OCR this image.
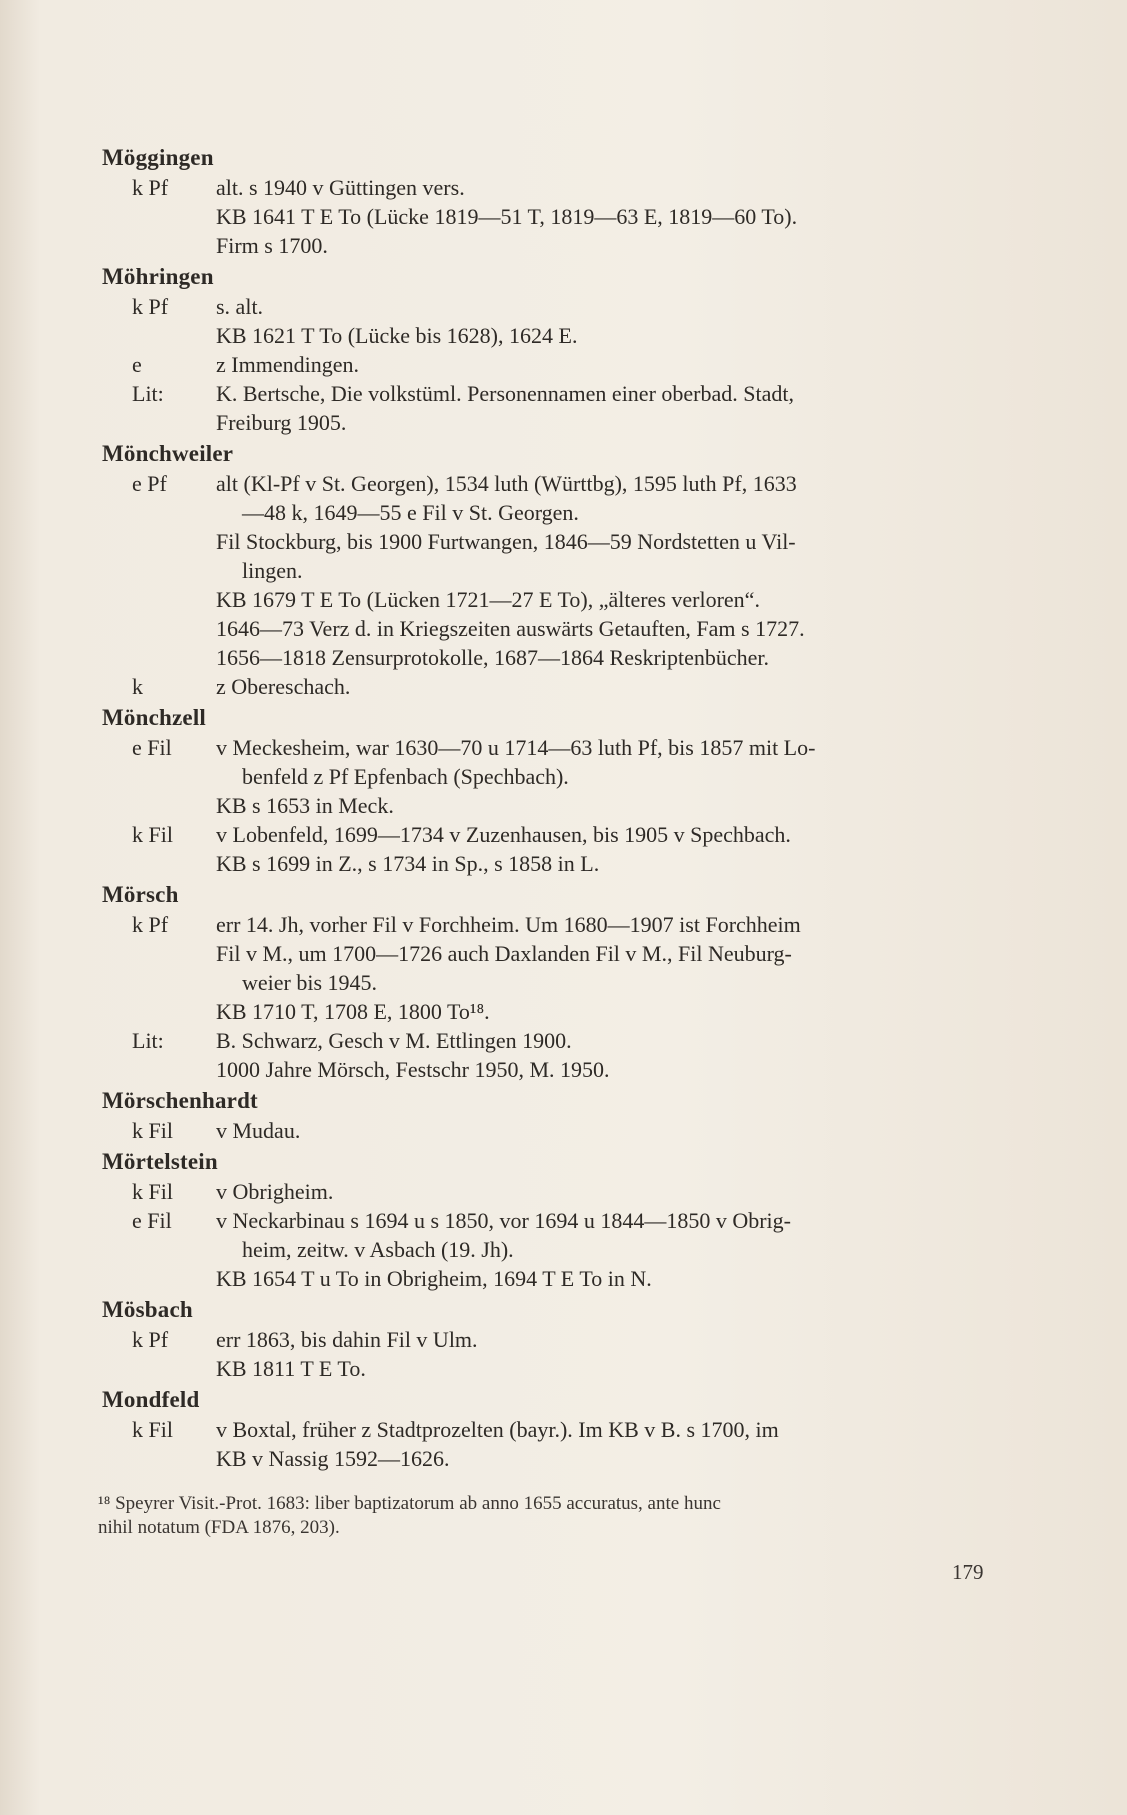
Möggingen
k Pf	alt. s 1940 v Güttingen vers.
KB 1641 T E To (Lücke 1819—51 T, 1819—63 E, 1819—60 To).
Firm s 1700.
Möhringen
k Pf	s. alt.
KB 1621 T To (Lücke bis 1628), 1624 E.
e	z Immendingen.
Lit:	K. Bertsche, Die volkstüml. Personennamen einer oberbad. Stadt,
Freiburg 1905.
Mönchweiler
e Pf	alt (Kl-Pf v St. Georgen), 1534 luth (Württbg), 1595 luth Pf, 1633
—48 k, 1649—55 e Fil v St. Georgen.
Fil Stockburg, bis 1900 Furtwangen, 1846—59 Nordstetten u Vil-
lingen.
KB 1679 T E To (Lücken 1721—27 E To), „älteres verloren“.
1646—73 Verz d. in Kriegszeiten auswärts Getauften, Fam s 1727.
1656—1818 Zensurprotokolle, 1687—1864 Reskriptenbücher.
k	z Obereschach.
Mönchzell
e Fil	v Meckesheim, war 1630—70 u 1714—63 luth Pf, bis 1857 mit Lo-
benfeld z Pf Epfenbach (Spechbach).
KB s 1653 in Meck.
k Fil	v Lobenfeld, 1699—1734 v Zuzenhausen, bis 1905 v Spechbach.
KB s 1699 in Z., s 1734 in Sp., s 1858 in L.
Mörsch
k Pf	err 14. Jh, vorher Fil v Forchheim. Um 1680—1907 ist Forchheim
Fil v M., um 1700—1726 auch Daxlanden Fil v M., Fil Neuburg-
weier bis 1945.
KB 1710 T, 1708 E, 1800 To¹⁸.
Lit:	B. Schwarz, Gesch v M. Ettlingen 1900.
1000 Jahre Mörsch, Festschr 1950, M. 1950.
Mörschenhardt
k Fil	v Mudau.
Mörtelstein
k Fil	v Obrigheim.
e Fil	v Neckarbinau s 1694 u s 1850, vor 1694 u 1844—1850 v Obrig-
heim, zeitw. v Asbach (19. Jh).
KB 1654 T u To in Obrigheim, 1694 T E To in N.
Mösbach
k Pf	err 1863, bis dahin Fil v Ulm.
KB 1811 T E To.
Mondfeld
k Fil	v Boxtal, früher z Stadtprozelten (bayr.). Im KB v B. s 1700, im
KB v Nassig 1592—1626.
¹⁸ Speyrer Visit.-Prot. 1683: liber baptizatorum ab anno 1655 accuratus, ante hunc
nihil notatum (FDA 1876, 203).
179
